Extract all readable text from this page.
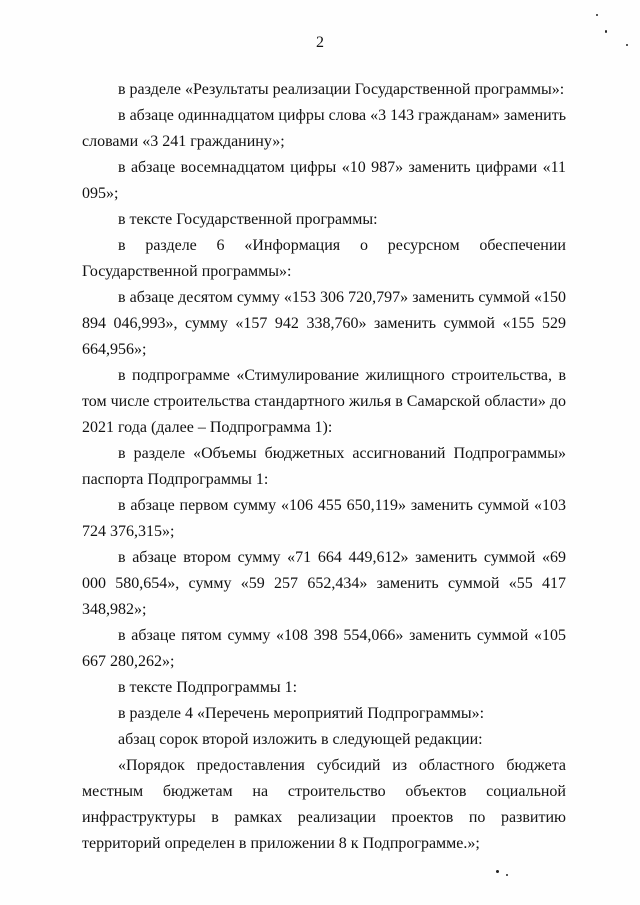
2

в разделе «Результаты реализации Государственной программы»:

в абзаце одиннадцатом цифры слова «3 143 гражданам» заменить словами «3 241 гражданину»;

в абзаце восемнадцатом цифры «10 987» заменить цифрами «11 095»;

в тексте Государственной программы:

в разделе 6 «Информация о ресурсном обеспечении Государственной программы»:

в абзаце десятом сумму «153 306 720,797» заменить суммой «150 894 046,993», сумму «157 942 338,760» заменить суммой «155 529 664,956»;

в подпрограмме «Стимулирование жилищного строительства, в том числе строительства стандартного жилья в Самарской области» до 2021 года (далее – Подпрограмма 1):

в разделе «Объемы бюджетных ассигнований Подпрограммы» паспорта Подпрограммы 1:

в абзаце первом сумму «106 455 650,119» заменить суммой «103 724 376,315»;

в абзаце втором сумму «71 664 449,612» заменить суммой «69 000 580,654», сумму «59 257 652,434» заменить суммой «55 417 348,982»;

в абзаце пятом сумму «108 398 554,066» заменить суммой «105 667 280,262»;

в тексте Подпрограммы 1:

в разделе 4 «Перечень мероприятий Подпрограммы»:

абзац сорок второй изложить в следующей редакции:

«Порядок предоставления субсидий из областного бюджета местным бюджетам на строительство объектов социальной инфраструктуры в рамках реализации проектов по развитию территорий определен в приложении 8 к Подпрограмме.»;
